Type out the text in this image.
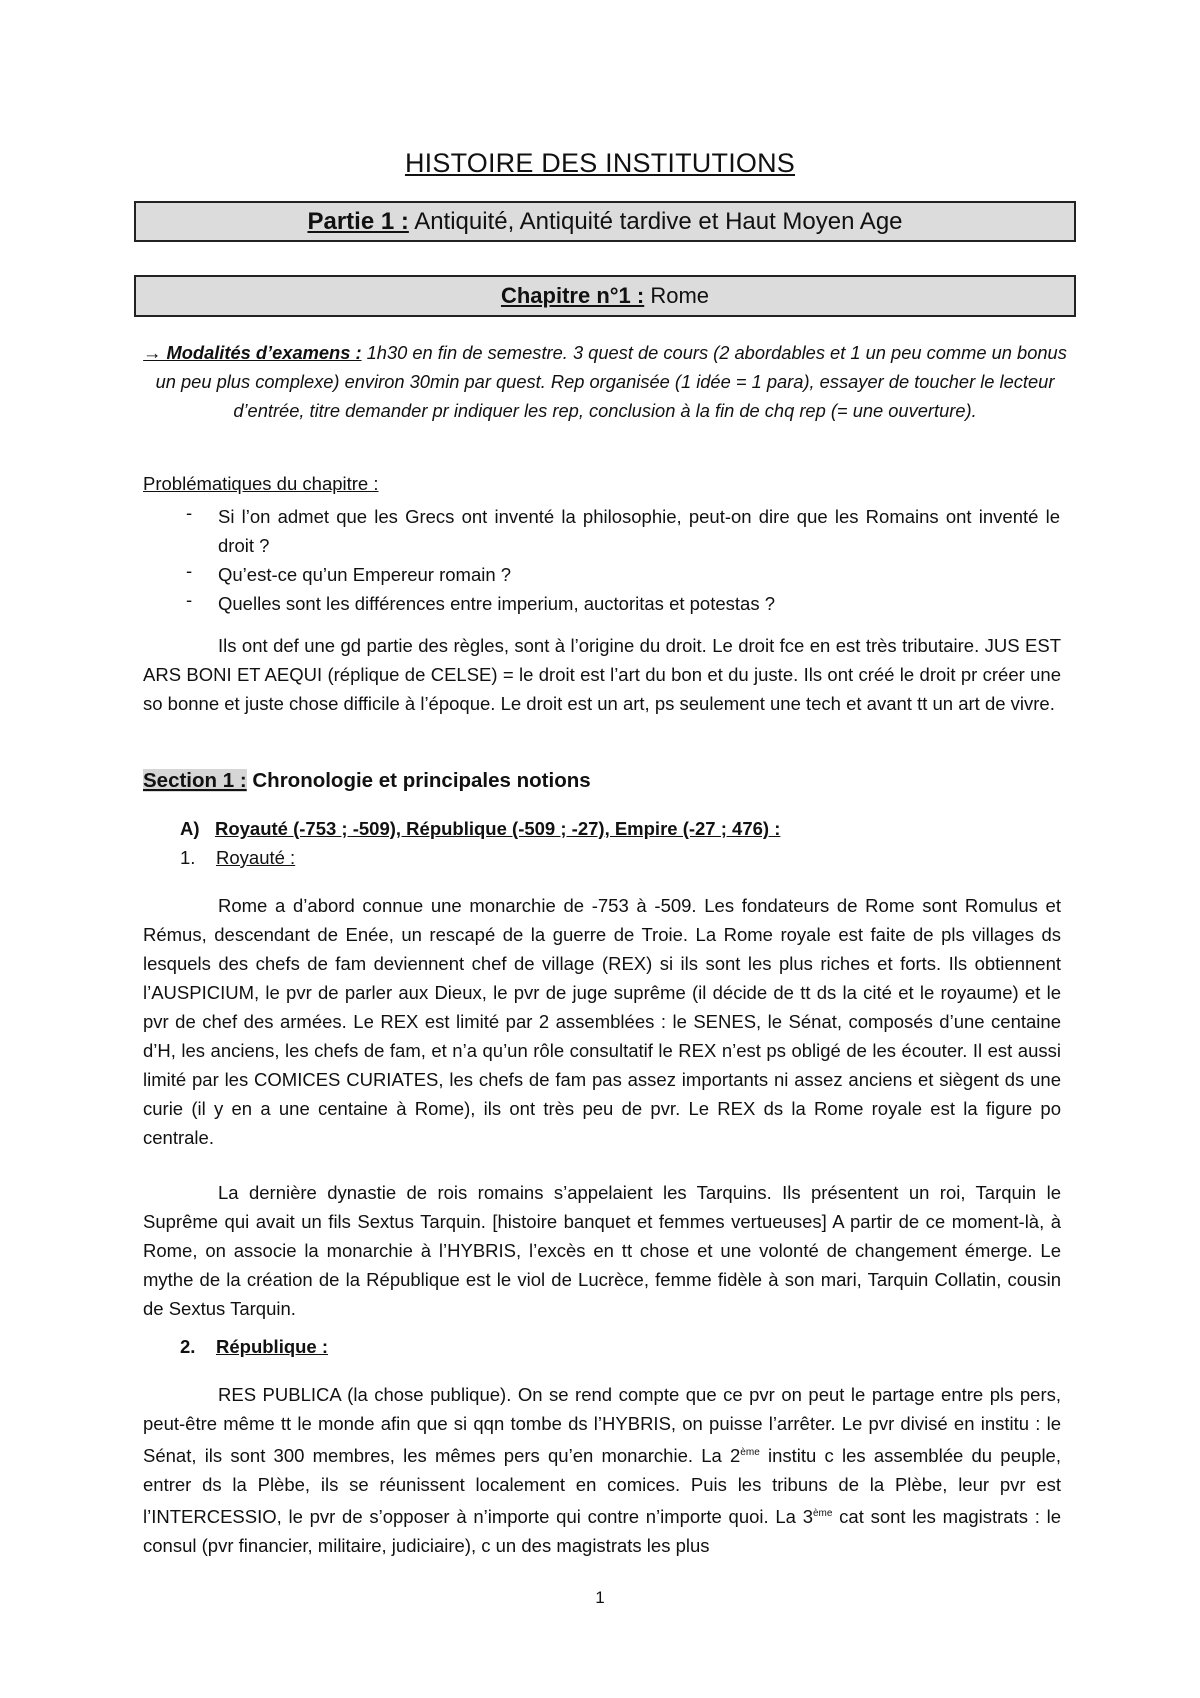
HISTOIRE DES INSTITUTIONS
Partie 1 : Antiquité, Antiquité tardive et Haut Moyen Age
Chapitre n°1 : Rome
→ Modalités d’examens : 1h30 en fin de semestre. 3 quest de cours (2 abordables et 1 un peu comme un bonus un peu plus complexe) environ 30min par quest. Rep organisée (1 idée = 1 para), essayer de toucher le lecteur d’entrée, titre demander pr indiquer les rep, conclusion à la fin de chq rep (= une ouverture).
Problématiques du chapitre :
- Si l’on admet que les Grecs ont inventé la philosophie, peut-on dire que les Romains ont inventé le droit ?
- Qu’est-ce qu’un Empereur romain ?
- Quelles sont les différences entre imperium, auctoritas et potestas ?

Ils ont def une gd partie des règles, sont à l’origine du droit. Le droit fce en est très tributaire. JUS EST ARS BONI ET AEQUI (réplique de CELSE) = le droit est l’art du bon et du juste. Ils ont créé le droit pr créer une so bonne et juste chose difficile à l’époque. Le droit est un art, ps seulement une tech et avant tt un art de vivre.

Section 1 : Chronologie et principales notions
A) Royauté (-753 ; -509), République (-509 ; -27), Empire (-27 ; 476) :
1. Royauté :

Rome a d’abord connue une monarchie de -753 à -509. Les fondateurs de Rome sont Romulus et Rémus, descendant de Enée, un rescapé de la guerre de Troie. La Rome royale est faite de pls villages ds lesquels des chefs de fam deviennent chef de village (REX) si ils sont les plus riches et forts. Ils obtiennent l’AUSPICIUM, le pvr de parler aux Dieux, le pvr de juge suprême (il décide de tt ds la cité et le royaume) et le pvr de chef des armées. Le REX est limité par 2 assemblées : le SENES, le Sénat, composés d’une centaine d’H, les anciens, les chefs de fam, et n’a qu’un rôle consultatif le REX n’est ps obligé de les écouter. Il est aussi limité par les COMICES CURIATES, les chefs de fam pas assez importants ni assez anciens et siègent ds une curie (il y en a une centaine à Rome), ils ont très peu de pvr. Le REX ds la Rome royale est la figure po centrale.

La dernière dynastie de rois romains s’appelaient les Tarquins. Ils présentent un roi, Tarquin le Suprême qui avait un fils Sextus Tarquin. [histoire banquet et femmes vertueuses] A partir de ce moment-là, à Rome, on associe la monarchie à l’HYBRIS, l’excès en tt chose et une volonté de changement émerge. Le mythe de la création de la République est le viol de Lucrèce, femme fidèle à son mari, Tarquin Collatin, cousin de Sextus Tarquin.

2. République :

RES PUBLICA (la chose publique). On se rend compte que ce pvr on peut le partage entre pls pers, peut-être même tt le monde afin que si qqn tombe ds l’HYBRIS, on puisse l’arrêter. Le pvr divisé en institu : le Sénat, ils sont 300 membres, les mêmes pers qu’en monarchie. La 2ème institu c les assemblée du peuple, entrer ds la Plèbe, ils se réunissent localement en comices. Puis les tribuns de la Plèbe, leur pvr est l’INTERCESSIO, le pvr de s’opposer à n’importe qui contre n’importe quoi. La 3ème cat sont les magistrats : le consul (pvr financier, militaire, judiciaire), c un des magistrats les plus

1
